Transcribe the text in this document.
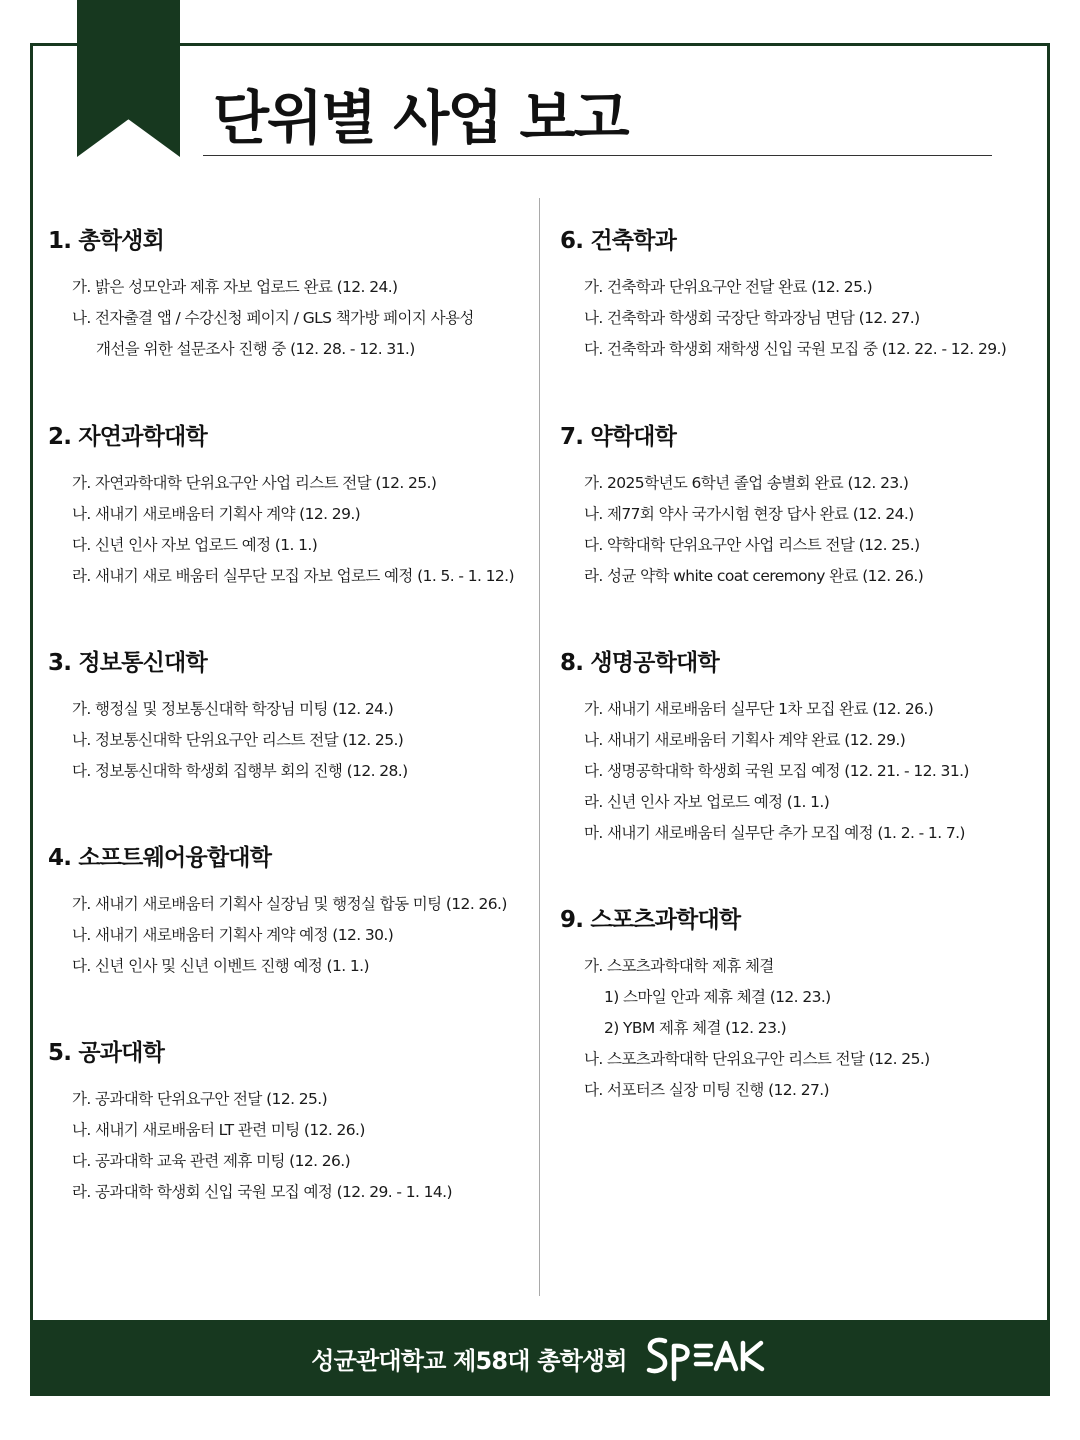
단위별 사업 보고
1. 총학생회
가. 밝은 성모안과 제휴 자보 업로드 완료 (12. 24.)
나. 전자출결 앱 / 수강신청 페이지 / GLS 책가방 페이지 사용성
개선을 위한 설문조사 진행 중 (12. 28. - 12. 31.)
2. 자연과학대학
가. 자연과학대학 단위요구안 사업 리스트 전달 (12. 25.)
나. 새내기 새로배움터 기획사 계약 (12. 29.)
다. 신년 인사 자보 업로드 예정 (1. 1.)
라. 새내기 새로 배움터 실무단 모집 자보 업로드 예정 (1. 5. - 1. 12.)
3. 정보통신대학
가. 행정실 및 정보통신대학 학장님 미팅 (12. 24.)
나. 정보통신대학 단위요구안 리스트 전달 (12. 25.)
다. 정보통신대학 학생회 집행부 회의 진행 (12. 28.)
4. 소프트웨어융합대학
가. 새내기 새로배움터 기획사 실장님 및 행정실 합동 미팅 (12. 26.)
나. 새내기 새로배움터 기획사 계약 예정 (12. 30.)
다. 신년 인사 및 신년 이벤트 진행 예정 (1. 1.)
5. 공과대학
가. 공과대학 단위요구안 전달 (12. 25.)
나. 새내기 새로배움터 LT 관련 미팅 (12. 26.)
다. 공과대학 교육 관련 제휴 미팅 (12. 26.)
라. 공과대학 학생회 신입 국원 모집 예정 (12. 29. - 1. 14.)
6. 건축학과
가. 건축학과 단위요구안 전달 완료 (12. 25.)
나. 건축학과 학생회 국장단 학과장님 면담 (12. 27.)
다. 건축학과 학생회 재학생 신입 국원 모집 중 (12. 22. - 12. 29.)
7. 약학대학
가. 2025학년도 6학년 졸업 송별회 완료 (12. 23.)
나. 제77회 약사 국가시험 현장 답사 완료 (12. 24.)
다. 약학대학 단위요구안 사업 리스트 전달 (12. 25.)
라. 성균 약학 white coat ceremony 완료 (12. 26.)
8. 생명공학대학
가. 새내기 새로배움터 실무단 1차 모집 완료 (12. 26.)
나. 새내기 새로배움터 기획사 계약 완료 (12. 29.)
다. 생명공학대학 학생회 국원 모집 예정 (12. 21. - 12. 31.)
라. 신년 인사 자보 업로드 예정 (1. 1.)
마. 새내기 새로배움터 실무단 추가 모집 예정 (1. 2. - 1. 7.)
9. 스포츠과학대학
가. 스포츠과학대학 제휴 체결
1) 스마일 안과 제휴 체결 (12. 23.)
2) YBM 제휴 체결 (12. 23.)
나. 스포츠과학대학 단위요구안 리스트 전달 (12. 25.)
다. 서포터즈 실장 미팅 진행 (12. 27.)
성균관대학교 제58대 총학생회
